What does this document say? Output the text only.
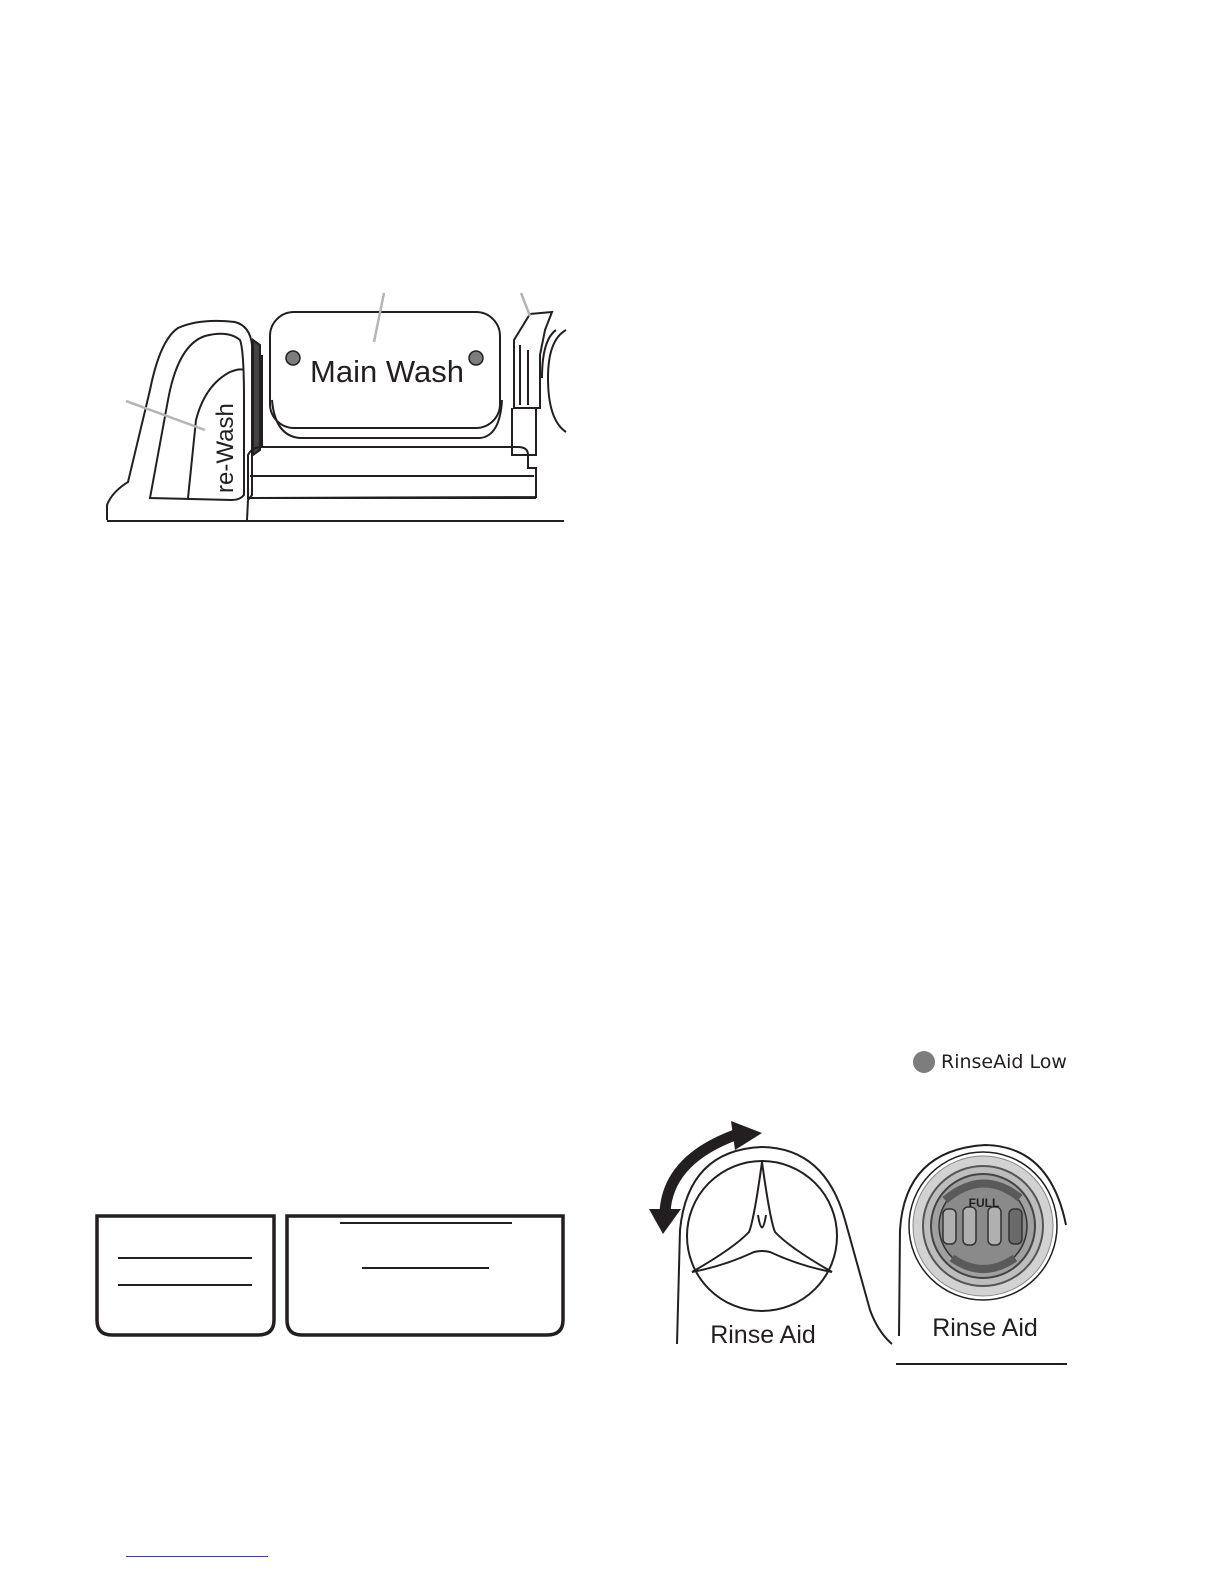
Main Wash
re-Wash
Rinse Aid
FULL
Rinse Aid
RinseAid Low
